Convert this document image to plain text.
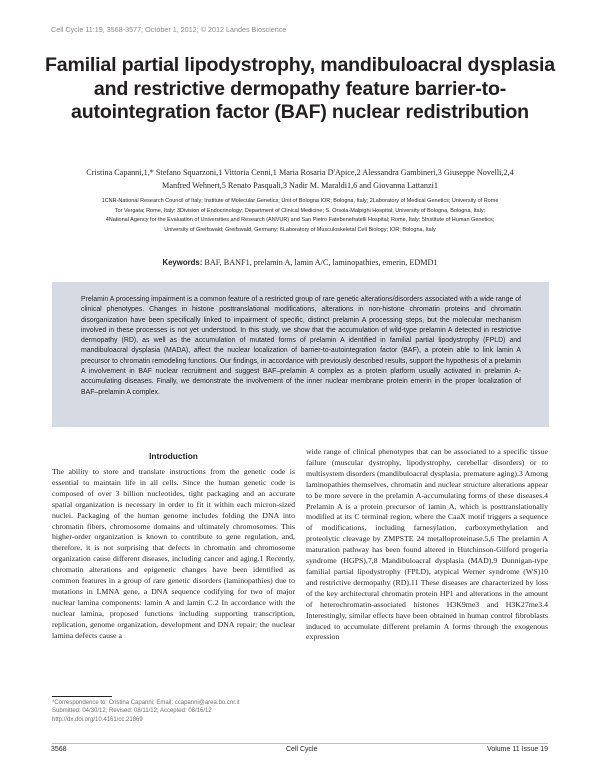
Cell Cycle 11:19, 3568-3577; October 1, 2012; © 2012 Landes Bioscience
Familial partial lipodystrophy, mandibuloacral dysplasia and restrictive dermopathy feature barrier-to-autointegration factor (BAF) nuclear redistribution
Cristina Capanni,1,* Stefano Squarzoni,1 Vittoria Cenni,1 Maria Rosaria D'Apice,2 Alessandra Gambineri,3 Giuseppe Novelli,2,4
Manfred Wehnert,5 Renato Pasquali,3 Nadir M. Maraldi1,6 and Giovanna Lattanzi1
1CNR-National Research Council of Italy; Institute of Molecular Genetics; Unit of Bologna IOR; Bologna, Italy; 2Laboratory of Medical Genetics; University of Rome
Tor Vergata; Rome, Italy; 3Division of Endocrinology; Department of Clinical Medicine; S. Orsola-Malpighi Hospital; University of Bologna, Bologna, Italy;
4National Agency for the Evaluation of Universities and Research (ANVUR) and San Pietro Fatebenefratelli Hospital; Rome, Italy; 5Institute of Human Genetics;
University of Greifswald; Greifswald, Germany; 6Laboratory of Musculoskeletal Cell Biology; IOR; Bologna, Italy
Keywords: BAF, BANF1, prelamin A, lamin A/C, laminopathies, emerin, EDMD1
Prelamin A processing impairment is a common feature of a restricted group of rare genetic alterations/disorders associated with a wide range of clinical phenotypes. Changes in histone posttranslational modifications, alterations in non-histone chromatin proteins and chromatin disorganization have been specifically linked to impairment of specific, distinct prelamin A processing steps, but the molecular mechanism involved in these processes is not yet understood. In this study, we show that the accumulation of wild-type prelamin A detected in restrictive dermopathy (RD), as well as the accumulation of mutated forms of prelamin A identified in familial partial lipodystrophy (FPLD) and mandibuloacral dysplasia (MADA), affect the nuclear localization of barrier-to-autointegration factor (BAF), a protein able to link lamin A precursor to chromatin remodeling functions. Our findings, in accordance with previously described results, support the hypothesis of a prelamin A involvement in BAF nuclear recruitment and suggest BAF–prelamin A complex as a protein platform usually activated in prelamin A-accumulating diseases. Finally, we demonstrate the involvement of the inner nuclear membrane protein emerin in the proper localization of BAF–prelamin A complex.
Introduction

The ability to store and translate instructions from the genetic code is essential to maintain life in all cells. Since the human genetic code is composed of over 3 billion nucleotides, tight packaging and an accurate spatial organization is necessary in order to fit it within each micron-sized nuclei. Packaging of the human genome includes folding the DNA into chromatin fibers, chromosome domains and ultimately chromosomes. This higher-order organization is known to contribute to gene regulation, and, therefore, it is not surprising that defects in chromatin and chromosome organization cause different diseases, including cancer and aging.1 Recently, chromatin alterations and epigenetic changes have been identified as common features in a group of rare genetic disorders (laminopathies) due to mutations in LMNA gene, a DNA sequence codifying for two of major nuclear lamina components: lamin A and lamin C.2 In accordance with the nuclear lamina, proposed functions including supporting transcription, replication, genome organization, development and DNA repair; the nuclear lamina defects cause a

wide range of clinical phenotypes that can be associated to a specific tissue failure (muscular dystrophy, lipodystrophy, cerebellar disorders) or to multisystem disorders (mandibuloacral dysplasia, premature aging).3 Among laminopathies themselves, chromatin and nuclear structure alterations appear to be more severe in the prelamin A-accumulating forms of these diseases.4 Prelamin A is a protein precursor of lamin A, which is posttranslationally modified at its C terminal region, where the CaaX motif triggers a sequence of modifications, including farnesylation, carboxymethylation and proteolytic cleavage by ZMPSTE 24 metalloproteinase.5,6 The prelamin A maturation pathway has been found altered in Hutchinson-Gilford progeria syndrome (HGPS),7,8 Mandibuloacral dysplasia (MAD),9 Dunnigan-type familial partial lipodystrophy (FPLD), atypical Werner syndrome (WS)10 and restrictive dermopathy (RD).11 These diseases are characterized by loss of the key architectural chromatin protein HP1 and alterations in the amount of heterochromatin-associated histones H3K9me3 and H3K27me3.4 Interestingly, similar effects have been obtained in human control fibroblasts induced to accumulate different prelamin A forms through the exogenous expression

*Correspondence to: Cristina Capanni; Email: ccapanni@area.bo.cnr.it
Submitted: 04/30/12; Revised: 08/11/12; Accepted: 08/16/12
http://dx.doi.org/10.4161/cc.21869
3568	Cell Cycle	Volume 11 Issue 19
